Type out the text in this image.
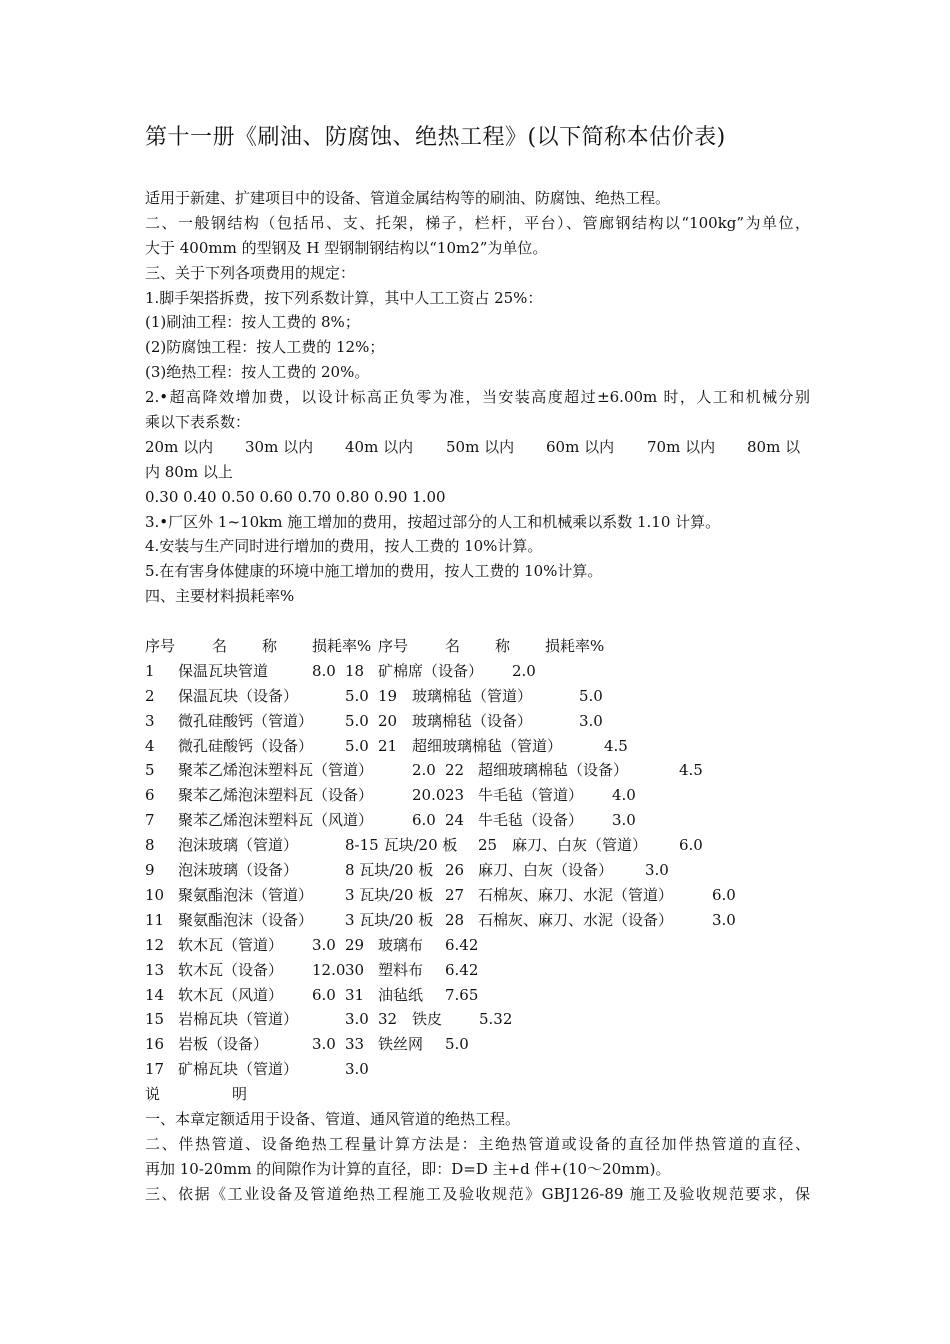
第十一册《刷油、防腐蚀、绝热工程》(以下简称本估价表)
适用于新建、扩建项目中的设备、管道金属结构等的刷油、防腐蚀、绝热工程。
二、一般钢结构（包括吊、支、托架，梯子，栏杆，平台）、管廊钢结构以“100kg”为单位，
大于 400mm 的型钢及 H 型钢制钢结构以“10m2”为单位。
三、关于下列各项费用的规定：
1.脚手架搭拆费，按下列系数计算，其中人工工资占 25%：
(1)刷油工程：按人工费的 8%；
(2)防腐蚀工程：按人工费的 12%；
(3)绝热工程：按人工费的 20%。
2.•超高降效增加费，以设计标高正负零为准，当安装高度超过±6.00m 时，人工和机械分别
乘以下表系数：
20m 以内 30m 以内 40m 以内 50m 以内 60m 以内 70m 以内 80m 以
内 80m 以上
0.30 0.40 0.50 0.60 0.70 0.80 0.90 1.00
3.•厂区外 1~10km 施工增加的费用，按超过部分的人工和机械乘以系数 1.10 计算。
4.安装与生产同时进行增加的费用，按人工费的 10%计算。
5.在有害身体健康的环境中施工增加的费用，按人工费的 10%计算。
四、主要材料损耗率%
序号 名 称 损耗率% 序号 名 称 损耗率%
1 保温瓦块管道	8.0 18 矿棉席（设备） 2.0
2 保温瓦块（设备）	5.0 19 玻璃棉毡（管道）	5.0
3 微孔硅酸钙（管道） 5.0 20 玻璃棉毡（设备）	3.0
4 微孔硅酸钙（设备） 5.0 21 超细玻璃棉毡（管道）	4.5
5 聚苯乙烯泡沫塑料瓦（管道）	2.0 22 超细玻璃棉毡（设备）	4.5
6 聚苯乙烯泡沫塑料瓦（设备）	20.0 23 牛毛毡（管道） 4.0
7 聚苯乙烯泡沫塑料瓦（风道）	6.0 24 牛毛毡（设备） 3.0
8 泡沫玻璃（管道）	8-15 瓦块/20 板 25 麻刀、白灰（管道） 6.0
9 泡沫玻璃（设备）	8 瓦块/20 板 26 麻刀、白灰（设备） 3.0
10 聚氨酯泡沫（管道） 3 瓦块/20 板 27 石棉灰、麻刀、水泥（管道）	6.0
11 聚氨酯泡沫（设备） 3 瓦块/20 板 28 石棉灰、麻刀、水泥（设备）	3.0
12 软木瓦（管道） 3.0 29 玻璃布 6.42
13 软木瓦（设备） 12.0 30 塑料布 6.42
14 软木瓦（风道） 6.0 31 油毡纸 7.65
15 岩棉瓦块（管道）	3.0 32 铁皮 5.32
16 岩板（设备）	3.0 33 铁丝网 5.0
17 矿棉瓦块（管道）	3.0
说	明
一、本章定额适用于设备、管道、通风管道的绝热工程。
二、伴热管道、设备绝热工程量计算方法是：主绝热管道或设备的直径加伴热管道的直径、
再加 10-20mm 的间隙作为计算的直径，即：D=D 主+d 伴+(10～20mm)。
三、依据《工业设备及管道绝热工程施工及验收规范》GBJ126-89 施工及验收规范要求，保
